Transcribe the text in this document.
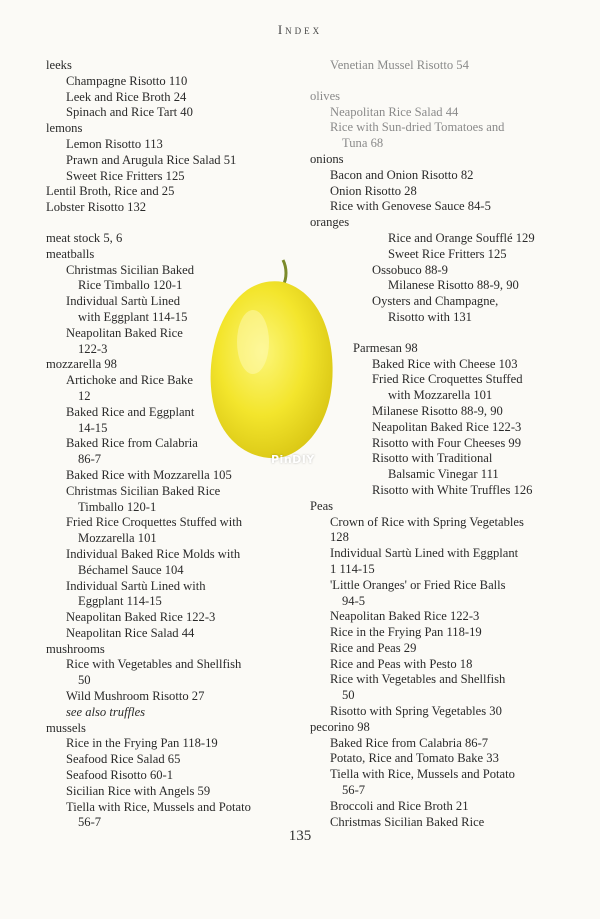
Index
leeks
Champagne Risotto 110
Leek and Rice Broth 24
Spinach and Rice Tart 40
lemons
Lemon Risotto 113
Prawn and Arugula Rice Salad 51
Sweet Rice Fritters 125
Lentil Broth, Rice and 25
Lobster Risotto 132
meat stock 5, 6
meatballs
Christmas Sicilian Baked
Rice Timballo 120-1
Individual Sartù Lined
with Eggplant 114-15
Neapolitan Baked Rice
122-3
mozzarella 98
Artichoke and Rice Bake
12
Baked Rice and Eggplant
14-15
Baked Rice from Calabria
86-7
Baked Rice with Mozzarella 105
Christmas Sicilian Baked Rice
Timballo 120-1
Fried Rice Croquettes Stuffed with
Mozzarella 101
Individual Baked Rice Molds with
Béchamel Sauce 104
Individual Sartù Lined with
Eggplant 114-15
Neapolitan Baked Rice 122-3
Neapolitan Rice Salad 44
mushrooms
Rice with Vegetables and Shellfish
50
Wild Mushroom Risotto 27
see also truffles
mussels
Rice in the Frying Pan 118-19
Seafood Rice Salad 65
Seafood Risotto 60-1
Sicilian Rice with Angels 59
Tiella with Rice, Mussels and Potato
56-7
Venetian Mussel Risotto 54
olives
Neapolitan Rice Salad 44
Rice with Sun-dried Tomatoes and
Tuna 68
onions
Bacon and Onion Risotto 82
Onion Risotto 28
Rice with Genovese Sauce 84-5
oranges
Rice and Orange Soufflé 129
Sweet Rice Fritters 125
Ossobuco 88-9
Milanese Risotto 88-9, 90
Oysters and Champagne,
Risotto with 131
Parmesan 98
Baked Rice with Cheese 103
Fried Rice Croquettes Stuffed
with Mozzarella 101
Milanese Risotto 88-9, 90
Neapolitan Baked Rice 122-3
Risotto with Four Cheeses 99
Risotto with Traditional
Balsamic Vinegar 111
Risotto with White Truffles 126
Peas
Crown of Rice with Spring Vegetables
128
Individual Sartù Lined with Eggplant
1 114-15
'Little Oranges' or Fried Rice Balls
94-5
Neapolitan Baked Rice 122-3
Rice in the Frying Pan 118-19
Rice and Peas 29
Rice and Peas with Pesto 18
Rice with Vegetables and Shellfish
50
Risotto with Spring Vegetables 30
pecorino 98
Baked Rice from Calabria 86-7
Potato, Rice and Tomato Bake 33
Tiella with Rice, Mussels and Potato
56-7
Broccoli and Rice Broth 21
Christmas Sicilian Baked Rice
PinDIY
135
